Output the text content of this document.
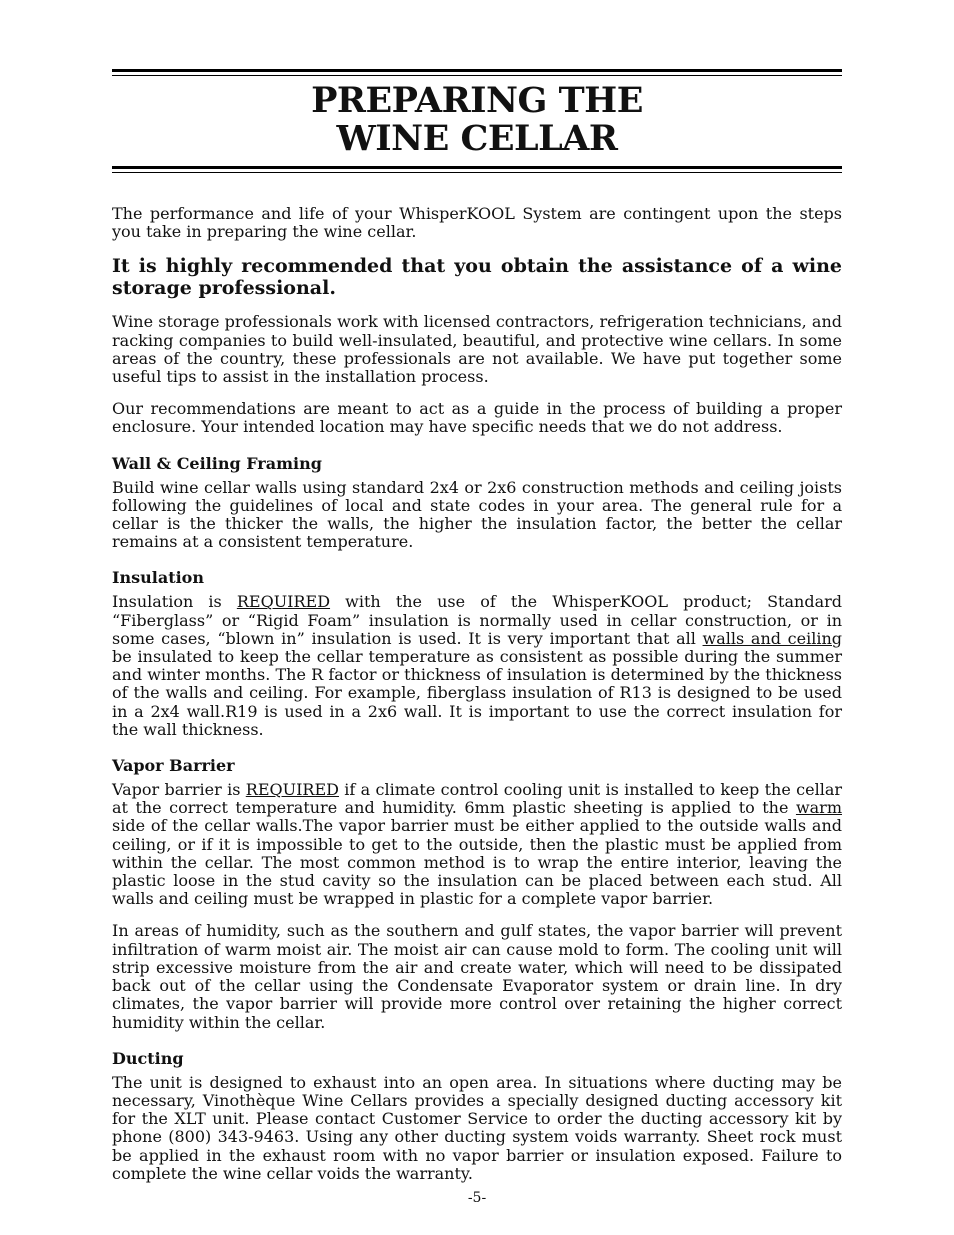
PREPARING THE
WINE CELLAR

The performance and life of your WhisperKOOL System are contingent upon the steps you take in preparing the wine cellar.

It is highly recommended that you obtain the assistance of a wine storage professional.

Wine storage professionals work with licensed contractors, refrigeration technicians, and racking companies to build well-insulated, beautiful, and protective wine cellars. In some areas of the country, these professionals are not available. We have put together some useful tips to assist in the installation process.

Our recommendations are meant to act as a guide in the process of building a proper enclosure. Your intended location may have specific needs that we do not address.

Wall & Ceiling Framing

Build wine cellar walls using standard 2x4 or 2x6 construction methods and ceiling joists following the guidelines of local and state codes in your area. The general rule for a cellar is the thicker the walls, the higher the insulation factor, the better the cellar remains at a consistent temperature.

Insulation

Insulation is REQUIRED with the use of the WhisperKOOL product; Standard “Fiberglass” or “Rigid Foam” insulation is normally used in cellar construction, or in some cases, “blown in” insulation is used. It is very important that all walls and ceiling be insulated to keep the cellar temperature as consistent as possible during the summer and winter months. The R factor or thickness of insulation is determined by the thickness of the walls and ceiling. For example, fiberglass insulation of R13 is designed to be used in a 2x4 wall.R19 is used in a 2x6 wall. It is important to use the correct insulation for the wall thickness.

Vapor Barrier

Vapor barrier is REQUIRED if a climate control cooling unit is installed to keep the cellar at the correct temperature and humidity. 6mm plastic sheeting is applied to the warm side of the cellar walls.The vapor barrier must be either applied to the outside walls and ceiling, or if it is impossible to get to the outside, then the plastic must be applied from within the cellar. The most common method is to wrap the entire interior, leaving the plastic loose in the stud cavity so the insulation can be placed between each stud. All walls and ceiling must be wrapped in plastic for a complete vapor barrier.

In areas of humidity, such as the southern and gulf states, the vapor barrier will prevent infiltration of warm moist air. The moist air can cause mold to form. The cooling unit will strip excessive moisture from the air and create water, which will need to be dissipated back out of the cellar using the Condensate Evaporator system or drain line. In dry climates, the vapor barrier will provide more control over retaining the higher correct humidity within the cellar.

Ducting

The unit is designed to exhaust into an open area. In situations where ducting may be necessary, Vinothèque Wine Cellars provides a specially designed ducting accessory kit for the XLT unit. Please contact Customer Service to order the ducting accessory kit by phone (800) 343-9463. Using any other ducting system voids warranty. Sheet rock must be applied in the exhaust room with no vapor barrier or insulation exposed. Failure to complete the wine cellar voids the warranty.

-5-
